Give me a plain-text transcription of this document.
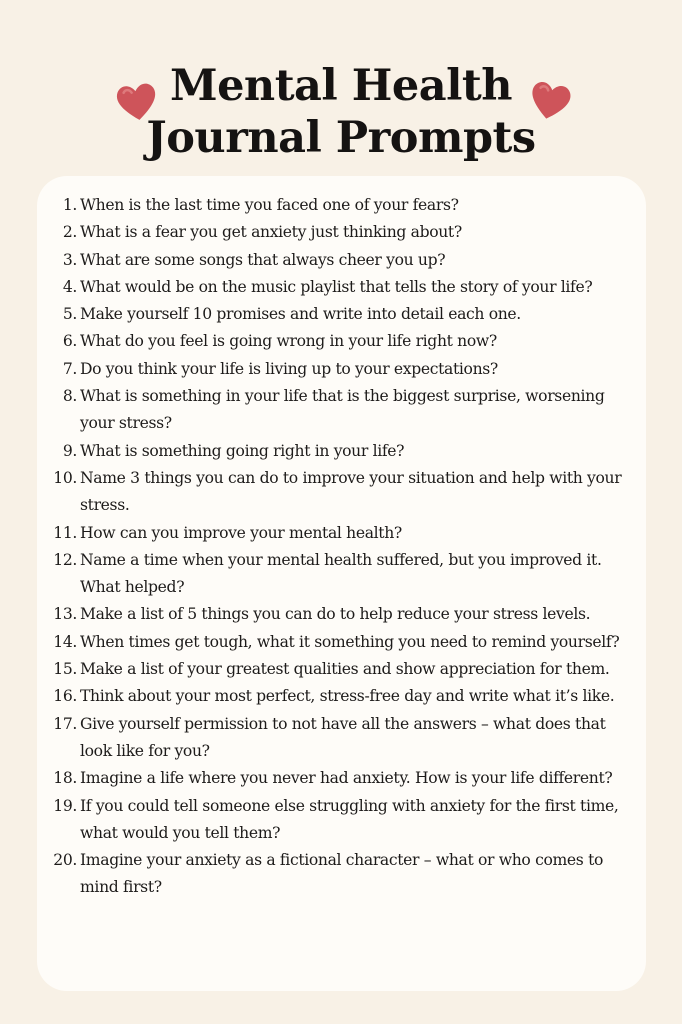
Mental Health
Journal Prompts
1. When is the last time you faced one of your fears?
2. What is a fear you get anxiety just thinking about?
3. What are some songs that always cheer you up?
4. What would be on the music playlist that tells the story of your life?
5. Make yourself 10 promises and write into detail each one.
6. What do you feel is going wrong in your life right now?
7. Do you think your life is living up to your expectations?
8. What is something in your life that is the biggest surprise, worsening your stress?
9. What is something going right in your life?
10. Name 3 things you can do to improve your situation and help with your stress.
11. How can you improve your mental health?
12. Name a time when your mental health suffered, but you improved it. What helped?
13. Make a list of 5 things you can do to help reduce your stress levels.
14. When times get tough, what it something you need to remind yourself?
15. Make a list of your greatest qualities and show appreciation for them.
16. Think about your most perfect, stress-free day and write what it’s like.
17. Give yourself permission to not have all the answers – what does that look like for you?
18. Imagine a life where you never had anxiety. How is your life different?
19. If you could tell someone else struggling with anxiety for the first time, what would you tell them?
20. Imagine your anxiety as a fictional character – what or who comes to mind first?
